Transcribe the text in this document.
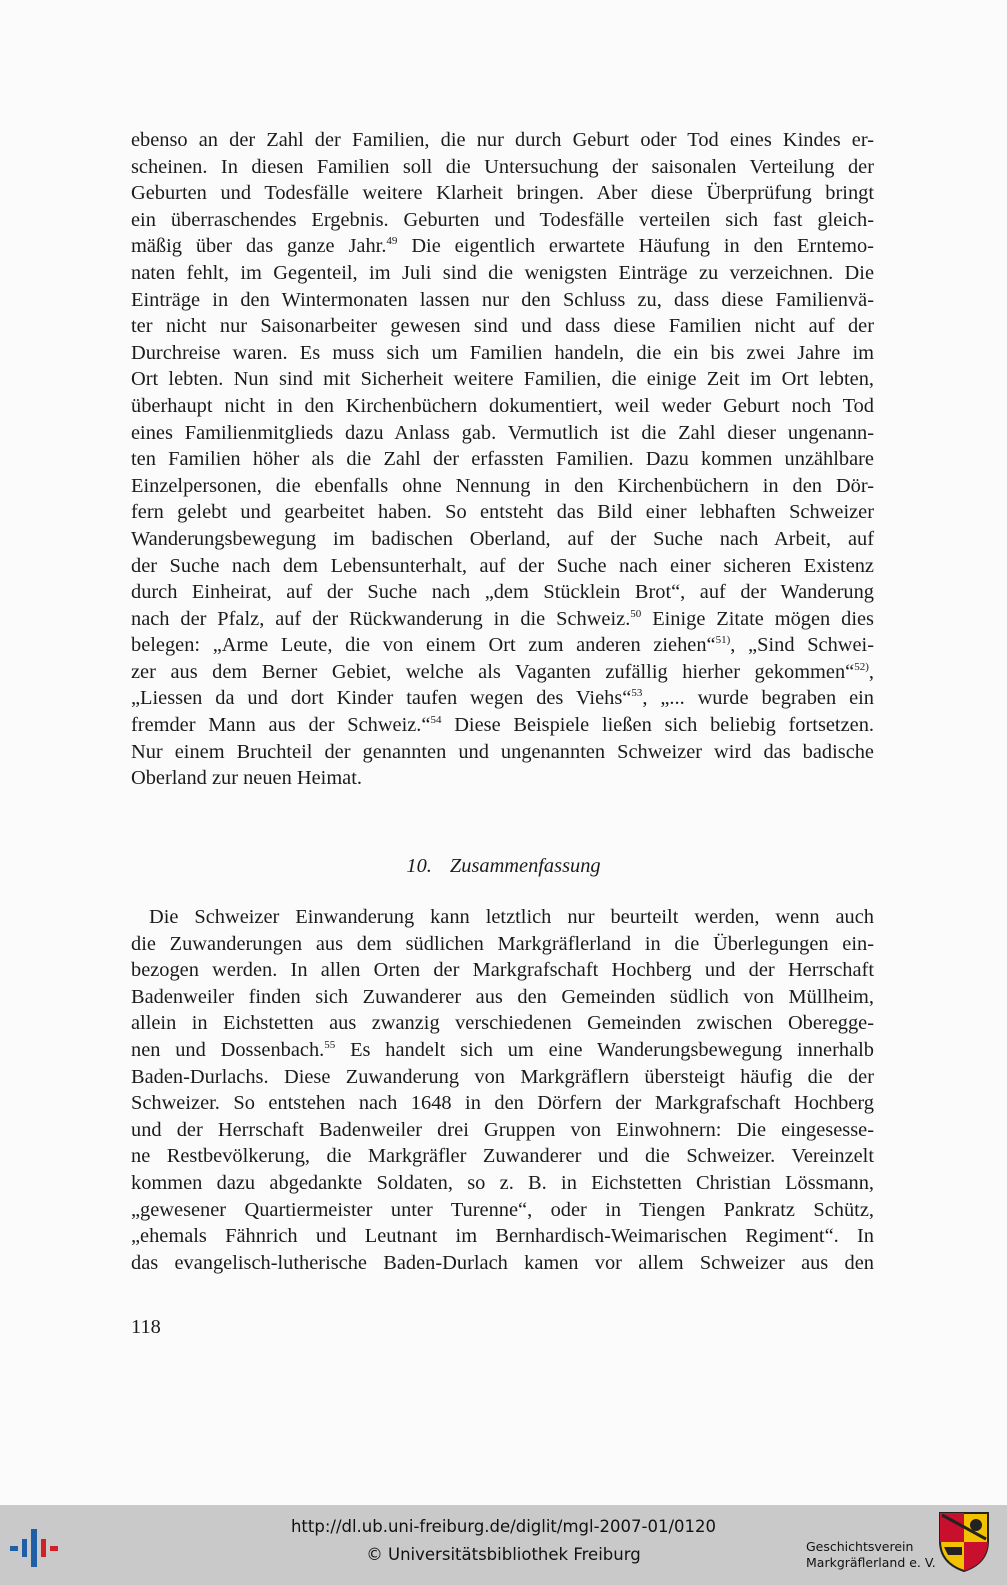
ebenso an der Zahl der Familien, die nur durch Geburt oder Tod eines Kindes er-
scheinen. In diesen Familien soll die Untersuchung der saisonalen Verteilung der
Geburten und Todesfälle weitere Klarheit bringen. Aber diese Überprüfung bringt
ein überraschendes Ergebnis. Geburten und Todesfälle verteilen sich fast gleich-
mäßig über das ganze Jahr.$^{49}$ Die eigentlich erwartete Häufung in den Erntemo-
naten fehlt, im Gegenteil, im Juli sind die wenigsten Einträge zu verzeichnen. Die
Einträge in den Wintermonaten lassen nur den Schluss zu, dass diese Familienvä-
ter nicht nur Saisonarbeiter gewesen sind und dass diese Familien nicht auf der
Durchreise waren. Es muss sich um Familien handeln, die ein bis zwei Jahre im
Ort lebten. Nun sind mit Sicherheit weitere Familien, die einige Zeit im Ort lebten,
überhaupt nicht in den Kirchenbüchern dokumentiert, weil weder Geburt noch Tod
eines Familienmitglieds dazu Anlass gab. Vermutlich ist die Zahl dieser ungenann-
ten Familien höher als die Zahl der erfassten Familien. Dazu kommen unzählbare
Einzelpersonen, die ebenfalls ohne Nennung in den Kirchenbüchern in den Dör-
fern gelebt und gearbeitet haben. So entsteht das Bild einer lebhaften Schweizer
Wanderungsbewegung im badischen Oberland, auf der Suche nach Arbeit, auf
der Suche nach dem Lebensunterhalt, auf der Suche nach einer sicheren Existenz
durch Einheirat, auf der Suche nach „dem Stücklein Brot“, auf der Wanderung
nach der Pfalz, auf der Rückwanderung in die Schweiz.$^{50}$ Einige Zitate mögen dies
belegen: „Arme Leute, die von einem Ort zum anderen ziehen“$^{51)}$, „Sind Schwei-
zer aus dem Berner Gebiet, welche als Vaganten zufällig hierher gekommen“$^{52)}$,
„Liessen da und dort Kinder taufen wegen des Viehs“$^{53}$, „... wurde begraben ein
fremder Mann aus der Schweiz.“$^{54}$ Diese Beispiele ließen sich beliebig fortsetzen.
Nur einem Bruchteil der genannten und ungenannten Schweizer wird das badische
Oberland zur neuen Heimat.
10. Zusammenfassung
Die Schweizer Einwanderung kann letztlich nur beurteilt werden, wenn auch
die Zuwanderungen aus dem südlichen Markgräflerland in die Überlegungen ein-
bezogen werden. In allen Orten der Markgrafschaft Hochberg und der Herrschaft
Badenweiler finden sich Zuwanderer aus den Gemeinden südlich von Müllheim,
allein in Eichstetten aus zwanzig verschiedenen Gemeinden zwischen Obereggе-
nen und Dossenbach.$^{55}$ Es handelt sich um eine Wanderungsbewegung innerhalb
Baden-Durlachs. Diese Zuwanderung von Markgräflern übersteigt häufig die der
Schweizer. So entstehen nach 1648 in den Dörfern der Markgrafschaft Hochberg
und der Herrschaft Badenweiler drei Gruppen von Einwohnern: Die eingesesse-
ne Restbevölkerung, die Markgräfler Zuwanderer und die Schweizer. Vereinzelt
kommen dazu abgedankte Soldaten, so z. B. in Eichstetten Christian Lössmann,
„gewesener Quartiermeister unter Turenne“, oder in Tiengen Pankratz Schütz,
„ehemals Fähnrich und Leutnant im Bernhardisch-Weimarischen Regiment“. In
das evangelisch-lutherische Baden-Durlach kamen vor allem Schweizer aus den
118
http://dl.ub.uni-freiburg.de/diglit/mgl-2007-01/0120
© Universitätsbibliothek Freiburg	Geschichtsverein
Markgräflerland e. V.
